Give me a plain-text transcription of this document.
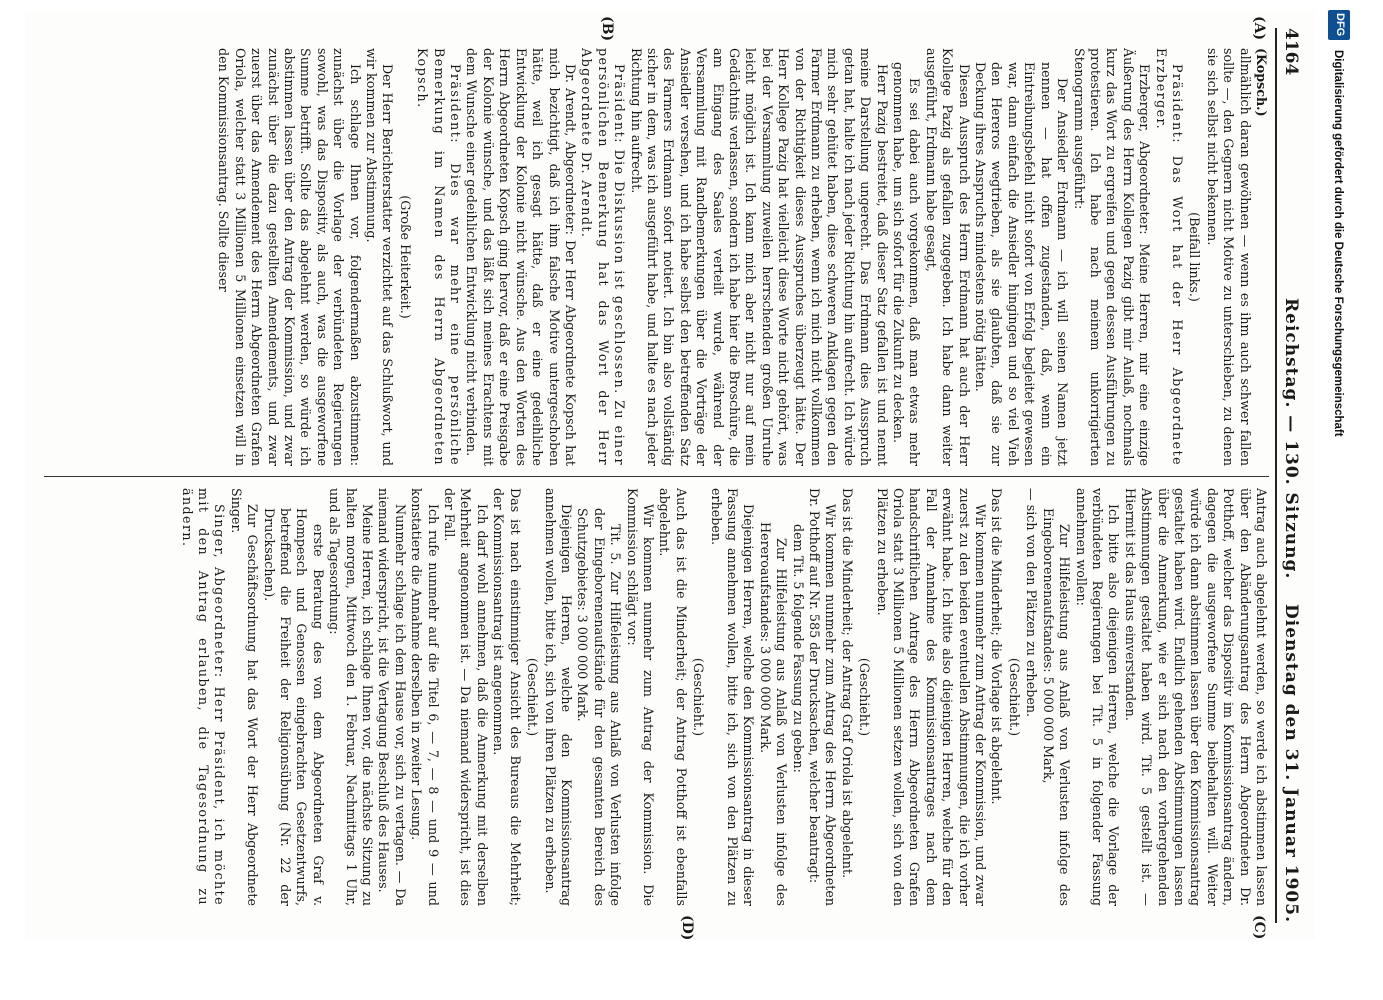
4164
Reichstag. — 130. Sitzung.
Dienstag den 31. Januar 1905.
(A)
(B)
(C)
(D)

(Kopsch.)

allmählich daran gewöhnen — wenn es ihm auch schwer fallen sollte —, den Gegnern nicht Motive zu unterschieben, zu denen sie sich selbst nicht bekennen.

(Beifall links.)

Präsident: Das Wort hat der Herr Abgeordnete Erzberger.

Erzberger, Abgeordneter: Meine Herren, mir eine einzige Äußerung des Herrn Kollegen Pazig gibt mir Anlaß, nochmals kurz das Wort zu ergreifen und gegen dessen Ausführungen zu protestieren. Ich habe nach meinem unkorrigierten Stenogramm ausgeführt:

Der Ansiedler Erdmann — ich will seinen Namen jetzt nennen — hat offen zugestanden, daß, wenn ein Eintreibungsbefehl nicht sofort von Erfolg begleitet gewesen war, dann einfach die Ansiedler hingingen und so viel Vieh den Hereros wegtrieben, als sie glaubten, daß sie zur Deckung ihres Anspruchs mindestens nötig hätten.

Diesen Ausspruch des Herrn Erdmann hat auch der Herr Kollege Pazig als gefallen zugegeben. Ich habe dann weiter ausgeführt, Erdmann habe gesagt,

Es sei dabei auch vorgekommen, daß man etwas mehr genommen habe, um sich sofort für die Zukunft zu decken.

Herr Pazig bestreitet, daß dieser Satz gefallen ist und nennt meine Darstellung ungerecht. Das Erdmann dies Ausspruch getan hat, halte ich nach jeder Richtung hin aufrecht. Ich würde mich sehr gehütet haben, diese schweren Anklagen gegen den Farmer Erdmann zu erheben, wenn ich mich nicht vollkommen von der Richtigkeit dieses Ausspruches überzeugt hätte. Der Herr Kollege Pazig hat vielleicht diese Worte nicht gehört, was bei der Versammlung zuweilen herrschenden großen Unruhe leicht möglich ist. Ich kann mich aber nicht nur auf mein Gedächtnis verlassen, sondern ich habe hier die Broschüre, die am Eingang des Saales verteilt wurde, während der Versammlung mit Randbemerkungen über die Vorträge der Ansiedler versehen, und ich habe selbst den betreffenden Satz des Farmers Erdmann sofort notiert. Ich bin also vollständig sicher in dem, was ich ausgeführt habe, und halte es nach jeder Richtung hin aufrecht.

Präsident: Die Diskussion ist geschlossen. Zu einer persönlichen Bemerkung hat das Wort der Herr Abgeordnete Dr. Arendt.

Dr. Arendt, Abgeordneter: Der Herr Abgeordnete Kopsch hat mich bezichtigt, daß ich ihm falsche Motive untergeschoben hätte, weil ich gesagt hätte, daß er eine gedeihliche Entwicklung der Kolonie nicht wünsche. Aus den Worten des Herrn Abgeordneten Kopsch ging hervor, daß er eine Preisgabe der Kolonie wünsche, und das läßt sich meines Erachtens mit dem Wunsche einer gedeihlichen Entwicklung nicht verbinden.

Präsident: Dies war mehr eine persönliche Bemerkung im Namen des Herrn Abgeordneten Kopsch.

(Große Heiterkeit.)

Der Herr Berichterstatter verzichtet auf das Schlußwort, und wir kommen zur Abstimmung.

Ich schlage Ihnen vor, folgendermaßen abzustimmen: zunächst über die Vorlage der verbündeten Regierungen sowohl, was das Dispositiv, als auch, was die ausgeworfene Summe betrifft. Sollte das abgelehnt werden, so würde ich abstimmen lassen über den Antrag der Kommission, und zwar zunächst über die dazu gestellten Amendements, und zwar zuerst über das Amendement des Herrn Abgeordneten Grafen Oriola, welcher statt 3 Millionen 5 Millionen einsetzen will in den Kommissionsantrag. Sollte dieser

Antrag auch abgelehnt werden, so werde ich abstimmen lassen über den Abänderungsantrag des Herrn Abgeordneten Dr. Potthoff, welcher das Dispositiv im Kommissionsantrag ändern, dagegen die ausgeworfene Summe beibehalten will. Weiter würde ich dann abstimmen lassen über den Kommissionsantrag gestaltet haben wird. Endlich gehenden Abstimmungen lassen über die Anmerkung, wie er sich nach den vorhergehenden Abstimmungen gestaltet haben wird. Tit. 5 gestellt ist. — Hiermit ist das Haus einverstanden.

Ich bitte also diejenigen Herren, welche die Vorlage der verbündeten Regierungen bei Tit. 5 in folgender Fassung annehmen wollen:

Zur Hilfeleistung aus Anlaß von Verlusten infolge des Eingeborenenaufstandes: 5 000 000 Mark,

— sich von den Plätzen zu erheben.

(Geschieht.)

Das ist die Minderheit; die Vorlage ist abgelehnt.

Wir kommen nunmehr zum Antrag der Kommission, und zwar zuerst zu den beiden eventuellen Abstimmungen, die ich vorher erwähnt habe. Ich bitte also diejenigen Herren, welche für den Fall der Annahme des Kommissionsantrages nach dem handschriftlichen Antrage des Herrn Abgeordneten Grafen Oriola statt 3 Millionen 5 Millionen setzen wollen, sich von den Plätzen zu erheben.

(Geschieht.)

Das ist die Minderheit; der Antrag Graf Oriola ist abgelehnt.

Wir kommen nunmehr zum Antrag des Herrn Abgeordneten Dr. Potthoff auf Nr. 585 der Drucksachen, welcher beantragt:

dem Tit. 5 folgende Fassung zu geben:

Zur Hilfeleistung aus Anlaß von Verlusten infolge des Hereroaufstandes: 3 000 000 Mark.

Diejenigen Herren, welche den Kommissionsantrag in dieser Fassung annehmen wollen, bitte ich, sich von den Plätzen zu erheben.

(Geschieht.)

Auch das ist die Minderheit; der Antrag Potthoff ist ebenfalls abgelehnt.

Wir kommen nunmehr zum Antrag der Kommission. Die Kommission schlägt vor:

Tit. 5. Zur Hilfeleistung aus Anlaß von Verlusten infolge der Eingeborenenaufstände für den gesamten Bereich des Schutzgebietes: 3 000 000 Mark.

Diejenigen Herren, welche den Kommissionsantrag annehmen wollen, bitte ich, sich von ihren Plätzen zu erheben.

(Geschieht.)

Das ist nach einstimmiger Ansicht des Bureaus die Mehrheit; der Kommissionsantrag ist angenommen.

Ich darf wohl annehmen, daß die Anmerkung mit derselben Mehrheit angenommen ist. — Da niemand widerspricht, ist dies der Fall.

Ich rufe nunmehr auf die Titel 6, — 7, — 8 — und 9 — und konstatiere die Annahme derselben in zweiter Lesung.

Nunmehr schlage ich dem Hause vor, sich zu vertagen. — Da niemand widerspricht, ist die Vertagung Beschluß des Hauses.

Meine Herren, ich schlage Ihnen vor, die nächste Sitzung zu halten morgen, Mittwoch den 1. Februar, Nachmittags 1 Uhr, und als Tagesordnung:

erste Beratung des von dem Abgeordneten Graf v. Hompesch und Genossen eingebrachten Gesetzentwurfs, betreffend die Freiheit der Religionsübung (Nr. 22 der Drucksachen).

Zur Geschäftsordnung hat das Wort der Herr Abgeordnete Singer.

Singer, Abgeordneter: Herr Präsident, ich möchte mit den Antrag erlauben, die Tagesordnung zu ändern.

DFG
Digitalisierung gefördert durch die Deutsche Forschungsgemeinschaft
